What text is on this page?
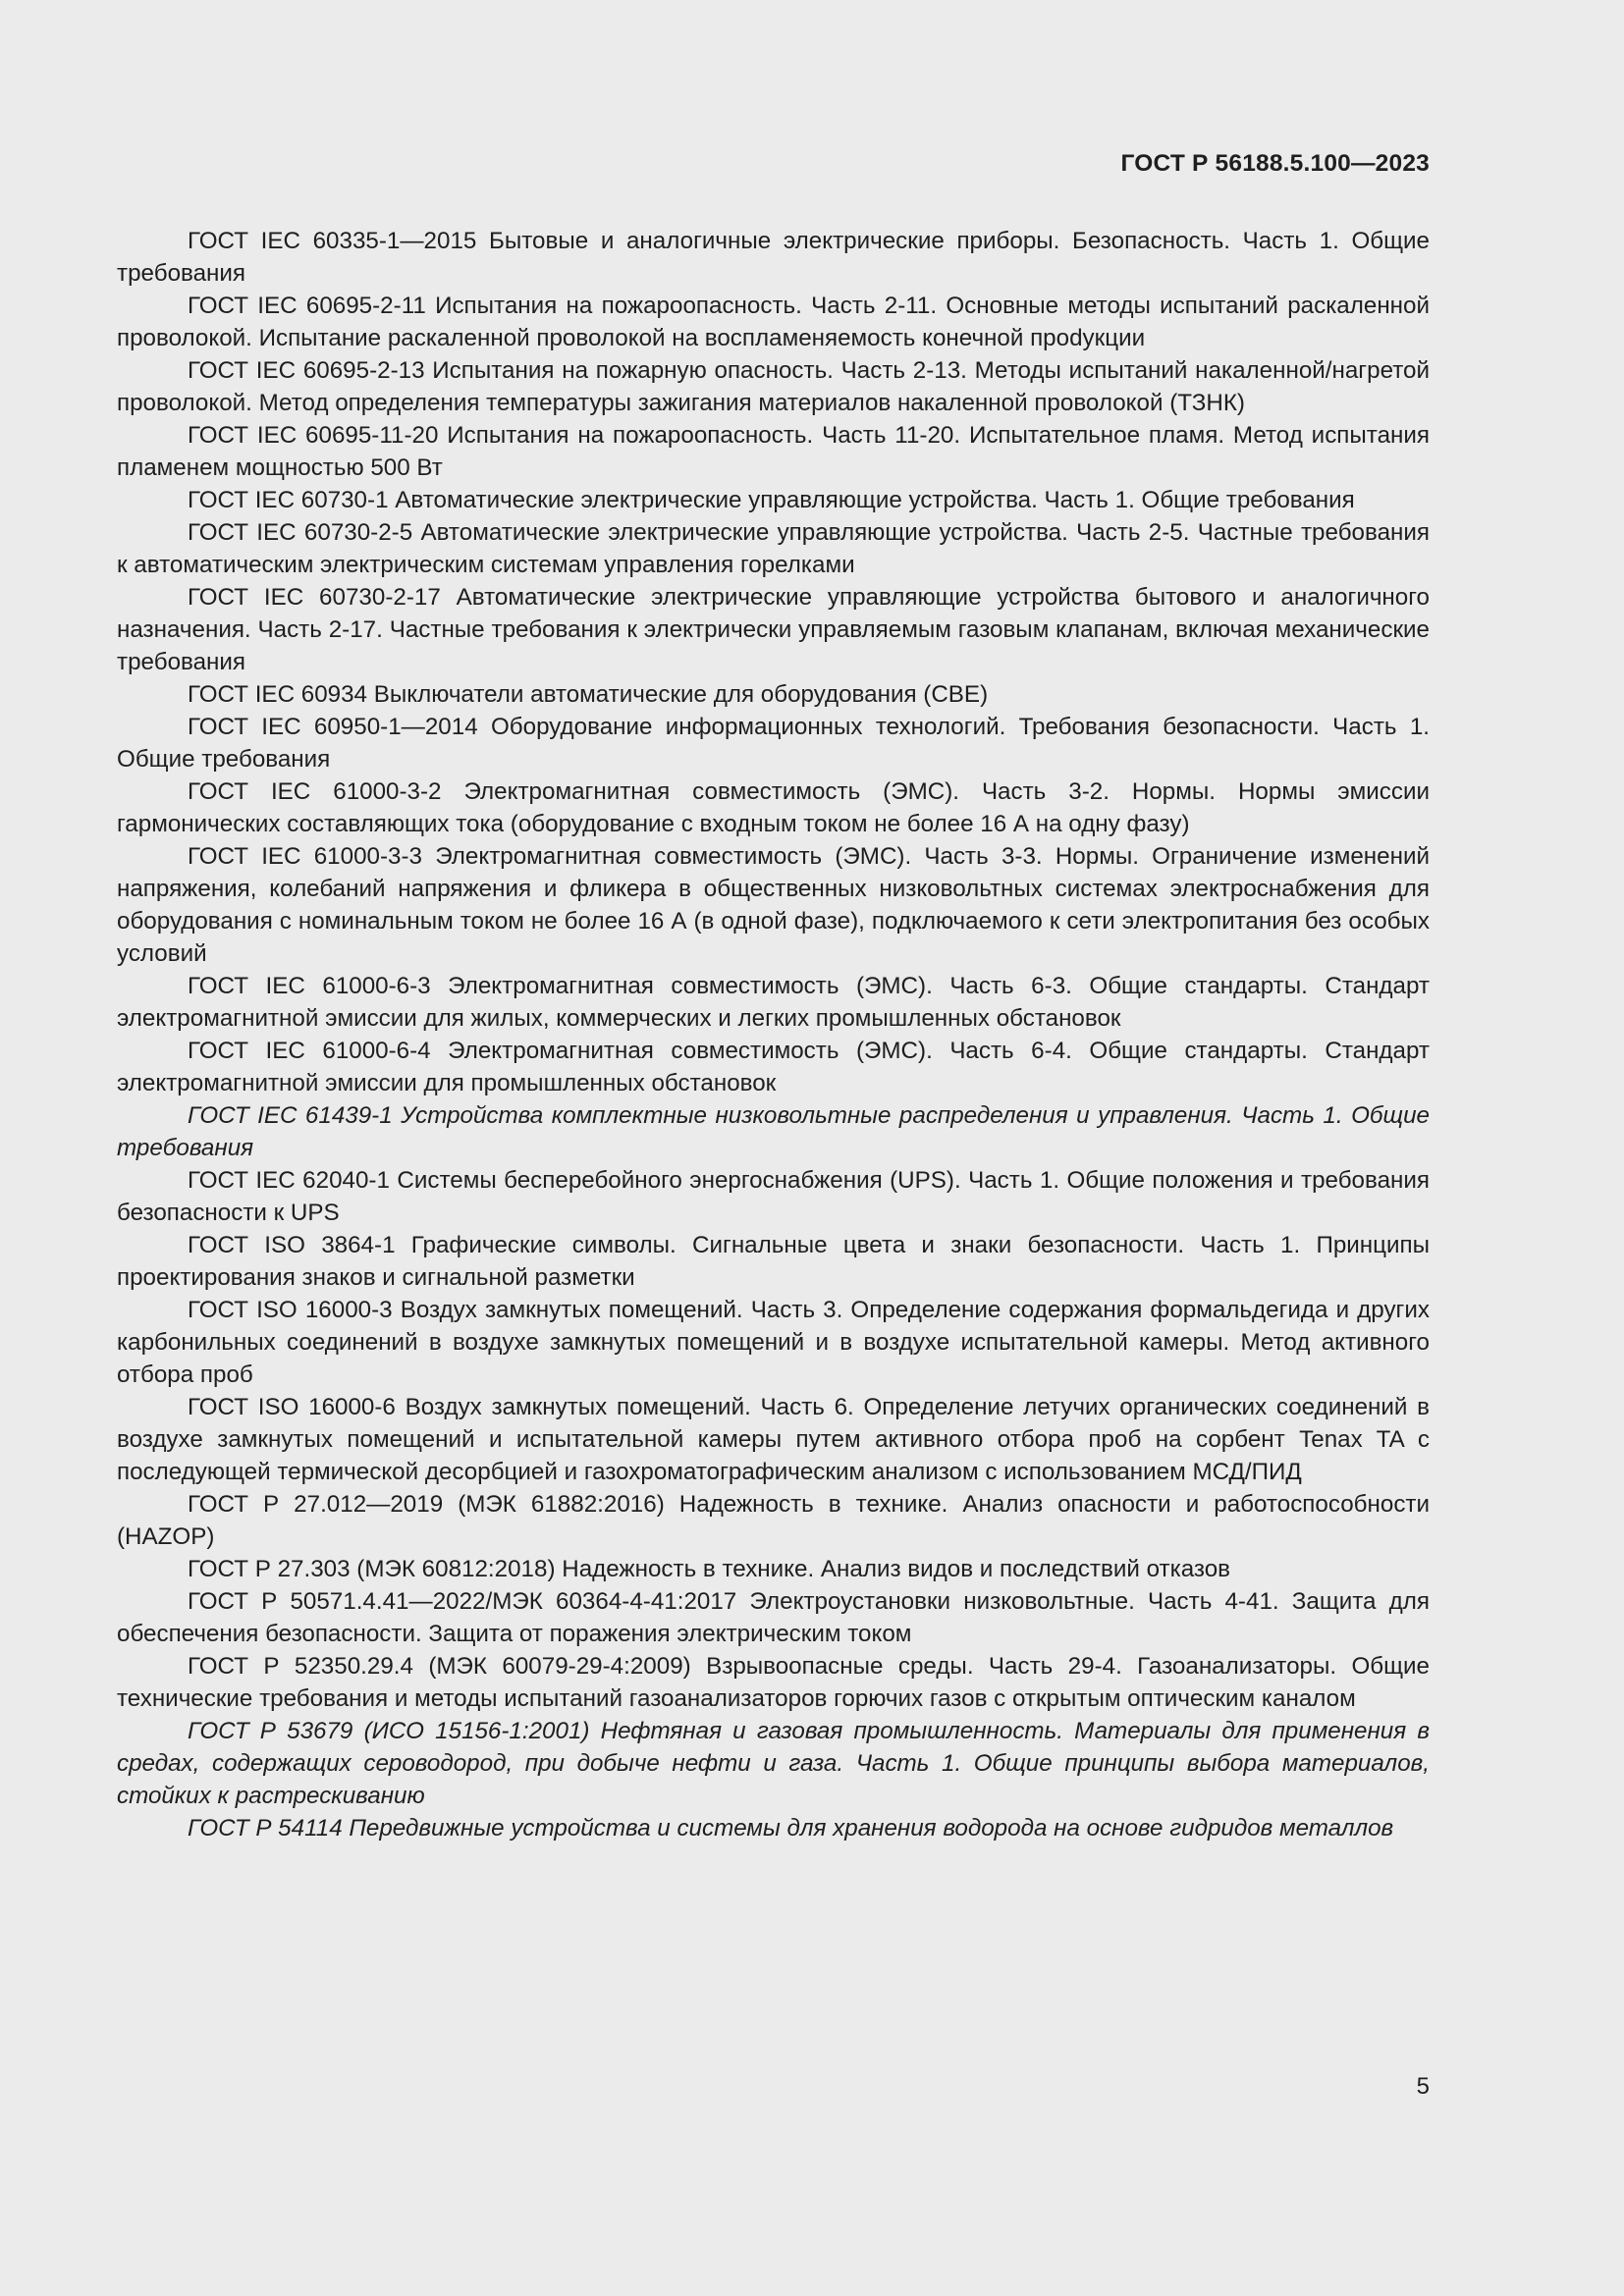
ГОСТ Р 56188.5.100—2023

ГОСТ IEC 60335-1—2015 Бытовые и аналогичные электрические приборы. Безопасность. Часть 1. Общие требования

ГОСТ IEC 60695-2-11 Испытания на пожароопасность. Часть 2-11. Основные методы испытаний раскаленной проволокой. Испытание раскаленной проволокой на воспламеняемость конечной проdукции

ГОСТ IEC 60695-2-13 Испытания на пожарную опасность. Часть 2-13. Методы испытаний накаленной/нагретой проволокой. Метод определения температуры зажигания материалов накаленной проволокой (ТЗНК)

ГОСТ IEC 60695-11-20 Испытания на пожароопасность. Часть 11-20. Испытательное пламя. Метод испытания пламенем мощностью 500 Вт

ГОСТ IEC 60730-1 Автоматические электрические управляющие устройства. Часть 1. Общие требования

ГОСТ IEC 60730-2-5 Автоматические электрические управляющие устройства. Часть 2-5. Частные требования к автоматическим электрическим системам управления горелками

ГОСТ IEC 60730-2-17 Автоматические электрические управляющие устройства бытового и аналогичного назначения. Часть 2-17. Частные требования к электрически управляемым газовым клапанам, включая механические требования

ГОСТ IEC 60934 Выключатели автоматические для оборудования (СВЕ)

ГОСТ IEC 60950-1—2014 Оборудование информационных технологий. Требования безопасности. Часть 1. Общие требования

ГОСТ IEC 61000-3-2 Электромагнитная совместимость (ЭМС). Часть 3-2. Нормы. Нормы эмиссии гармонических составляющих тока (оборудование с входным током не более 16 А на одну фазу)

ГОСТ IEC 61000-3-3 Электромагнитная совместимость (ЭМС). Часть 3-3. Нормы. Ограничение изменений напряжения, колебаний напряжения и фликера в общественных низковольтных системах электроснабжения для оборудования с номинальным током не более 16 А (в одной фазе), подключаемого к сети электропитания без особых условий

ГОСТ IEC 61000-6-3 Электромагнитная совместимость (ЭМС). Часть 6-3. Общие стандарты. Стандарт электромагнитной эмиссии для жилых, коммерческих и легких промышленных обстановок

ГОСТ IEC 61000-6-4 Электромагнитная совместимость (ЭМС). Часть 6-4. Общие стандарты. Стандарт электромагнитной эмиссии для промышленных обстановок

ГОСТ IEC 61439-1 Устройства комплектные низковольтные распределения и управления. Часть 1. Общие требования

ГОСТ IEC 62040-1 Системы бесперебойного энергоснабжения (UPS). Часть 1. Общие положения и требования безопасности к UPS

ГОСТ ISO 3864-1 Графические символы. Сигнальные цвета и знаки безопасности. Часть 1. Принципы проектирования знаков и сигнальной разметки

ГОСТ ISO 16000-3 Воздух замкнутых помещений. Часть 3. Определение содержания формальдегида и других карбонильных соединений в воздухе замкнутых помещений и в воздухе испытательной камеры. Метод активного отбора проб

ГОСТ ISO 16000-6 Воздух замкнутых помещений. Часть 6. Определение летучих органических соединений в воздухе замкнутых помещений и испытательной камеры путем активного отбора проб на сорбент Tenax TA с последующей термической десорбцией и газохроматографическим анализом с использованием МСД/ПИД

ГОСТ Р 27.012—2019 (МЭК 61882:2016) Надежность в технике. Анализ опасности и работоспособности (HAZOP)

ГОСТ Р 27.303 (МЭК 60812:2018) Надежность в технике. Анализ видов и последствий отказов

ГОСТ Р 50571.4.41—2022/МЭК 60364-4-41:2017 Электроустановки низковольтные. Часть 4-41. Защита для обеспечения безопасности. Защита от поражения электрическим током

ГОСТ Р 52350.29.4 (МЭК 60079-29-4:2009) Взрывоопасные среды. Часть 29-4. Газоанализаторы. Общие технические требования и методы испытаний газоанализаторов горючих газов с открытым оптическим каналом

ГОСТ Р 53679 (ИСО 15156-1:2001) Нефтяная и газовая промышленность. Материалы для применения в средах, содержащих сероводород, при добыче нефти и газа. Часть 1. Общие принципы выбора материалов, стойких к растрескиванию

ГОСТ Р 54114 Передвижные устройства и системы для хранения водорода на основе гидридов металлов

5
